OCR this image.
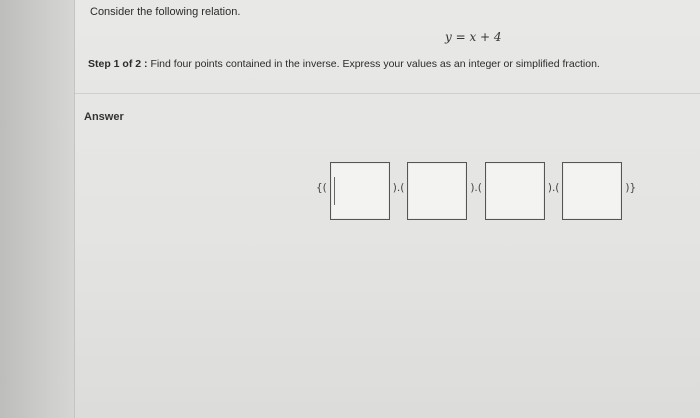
Consider the following relation.
y = x + 4
Step 1 of 2 : Find four points contained in the inverse. Express your values as an integer or simplified fraction.
Answer
{(	).(	).(	).(	)}
